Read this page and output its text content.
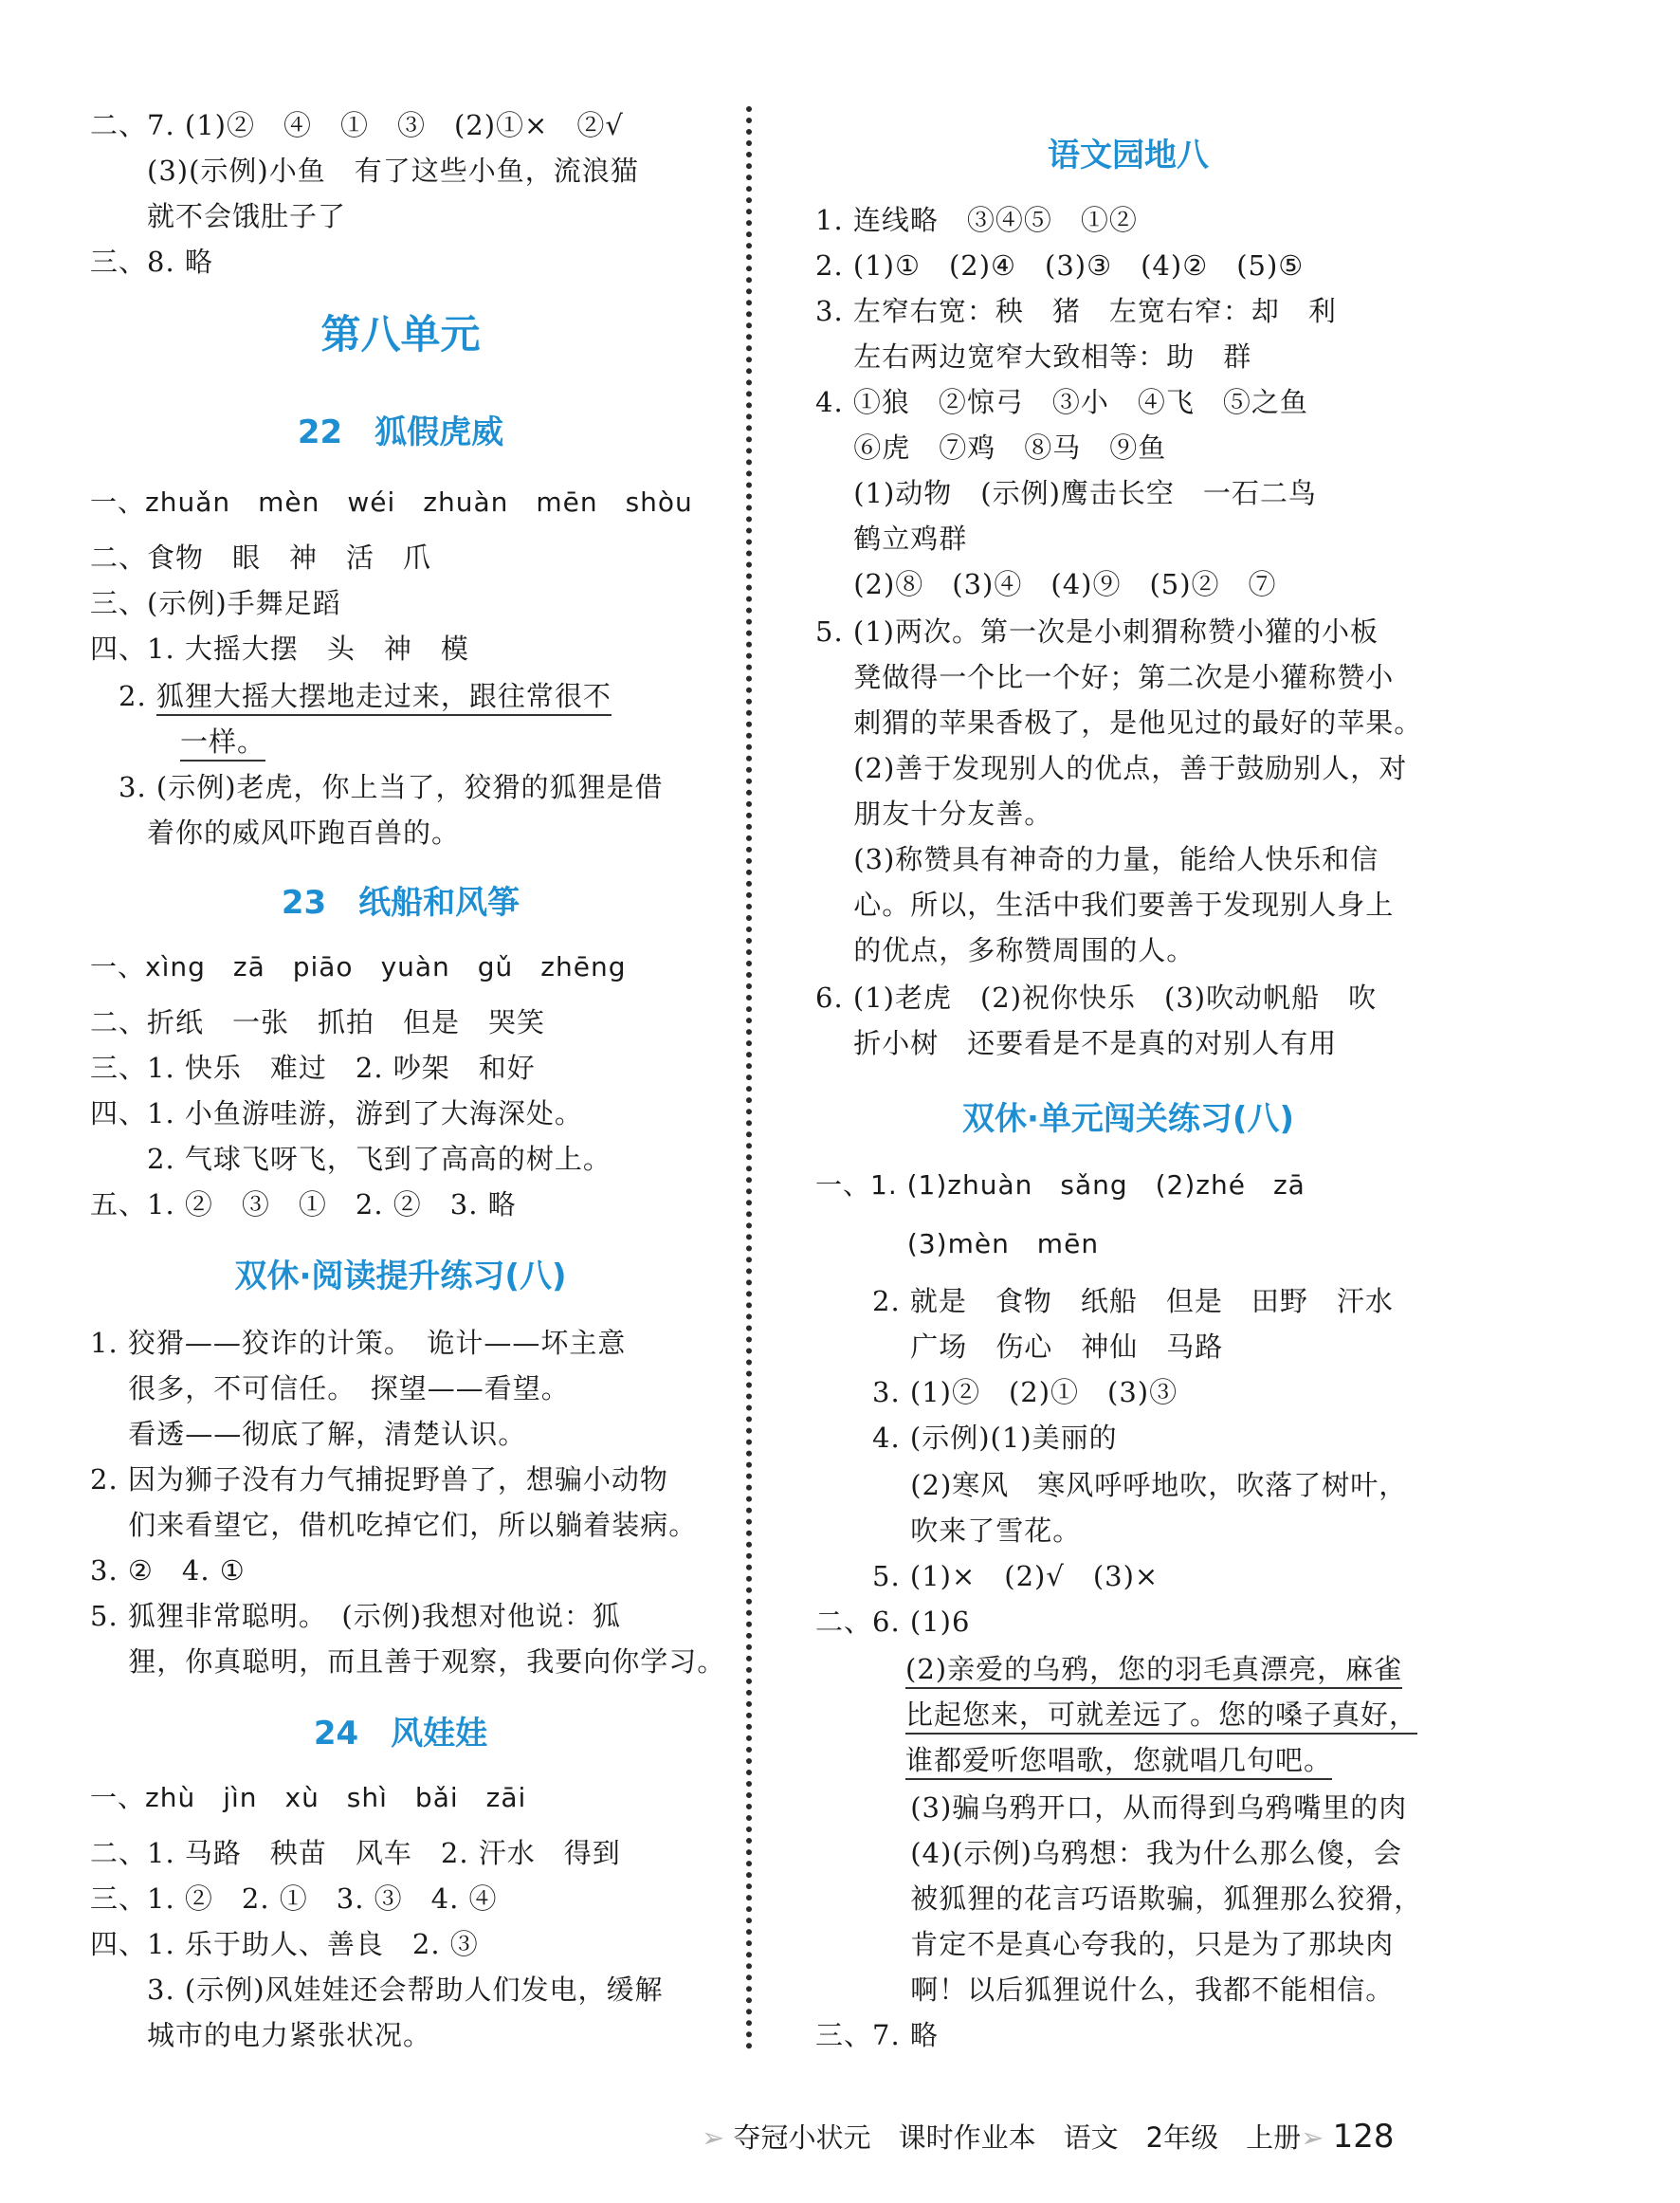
二、7. (1)②　④　①　③　(2)①×　②√
　　(3)(示例)小鱼　有了这些小鱼，流浪猫
　　就不会饿肚子了
三、8. 略
第八单元
22　狐假虎威
一、zhuǎn　mèn　wéi　zhuàn　mēn　shòu
二、食物　眼　神　活　爪
三、(示例)手舞足蹈
四、1. 大摇大摆　头　神　模
　2. 狐狸大摇大摆地走过来，跟往常很不
一样。
　3. (示例)老虎，你上当了，狡猾的狐狸是借
　　着你的威风吓跑百兽的。
23　纸船和风筝
一、xìng　zā　piāo　yuàn　gǔ　zhēng
二、折纸　一张　抓拍　但是　哭笑
三、1. 快乐　难过　2. 吵架　和好
四、1. 小鱼游哇游，游到了大海深处。
　　2. 气球飞呀飞，飞到了高高的树上。
五、1. ②　③　①　2. ②　3. 略
双休·阅读提升练习(八)
1. 狡猾——狡诈的计策。　诡计——坏主意
　 很多，不可信任。　探望——看望。
　 看透——彻底了解，清楚认识。
2. 因为狮子没有力气捕捉野兽了，想骗小动物
　 们来看望它，借机吃掉它们，所以躺着装病。
3. ②　4. ①
5. 狐狸非常聪明。　(示例)我想对他说：狐
　 狸，你真聪明，而且善于观察，我要向你学习。
24　风娃娃
一、zhù　jìn　xù　shì　bǎi　zāi
二、1. 马路　秧苗　风车　2. 汗水　得到
三、1. ②　2. ①　3. ③　4. ④
四、1. 乐于助人、善良　2. ③
　　3. (示例)风娃娃还会帮助人们发电，缓解
　　城市的电力紧张状况。
语文园地八
1. 连线略　③④⑤　①②
2. (1)①　(2)④　(3)③　(4)②　(5)⑤
3. 左窄右宽：秧　猪　左宽右窄：却　利
　 左右两边宽窄大致相等：助　群
4. ①狼　②惊弓　③小　④飞　⑤之鱼
　 ⑥虎　⑦鸡　⑧马　⑨鱼
　 (1)动物　(示例)鹰击长空　一石二鸟
　 鹤立鸡群
　 (2)⑧　(3)④　(4)⑨　(5)②　⑦
5. (1)两次。第一次是小刺猬称赞小獾的小板
　 凳做得一个比一个好；第二次是小獾称赞小
　 刺猬的苹果香极了，是他见过的最好的苹果。
　 (2)善于发现别人的优点，善于鼓励别人，对
　 朋友十分友善。
　 (3)称赞具有神奇的力量，能给人快乐和信
　 心。所以，生活中我们要善于发现别人身上
　 的优点，多称赞周围的人。
6. (1)老虎　(2)祝你快乐　(3)吹动帆船　吹
　 折小树　还要看是不是真的对别人有用
双休·单元闯关练习(八)
一、1. (1)zhuàn　sǎng　(2)zhé　zā
　　　 (3)mèn　mēn
　　2. 就是　食物　纸船　但是　田野　汗水
　　　 广场　伤心　神仙　马路
　　3. (1)②　(2)①　(3)③
　　4. (示例)(1)美丽的
　　　 (2)寒风　寒风呼呼地吹，吹落了树叶，
　　　 吹来了雪花。
　　5. (1)×　(2)√　(3)×
二、6. (1)6
(2)亲爱的乌鸦，您的羽毛真漂亮，麻雀
比起您来，可就差远了。您的嗓子真好，
谁都爱听您唱歌，您就唱几句吧。
　　　 (3)骗乌鸦开口，从而得到乌鸦嘴里的肉
　　　 (4)(示例)乌鸦想：我为什么那么傻，会
　　　 被狐狸的花言巧语欺骗，狐狸那么狡猾，
　　　 肯定不是真心夸我的，只是为了那块肉
　　　 啊！以后狐狸说什么，我都不能相信。
三、7. 略
➢ 夺冠小状元　 课时作业本　 语文　 2年级　 上册➢ 128
